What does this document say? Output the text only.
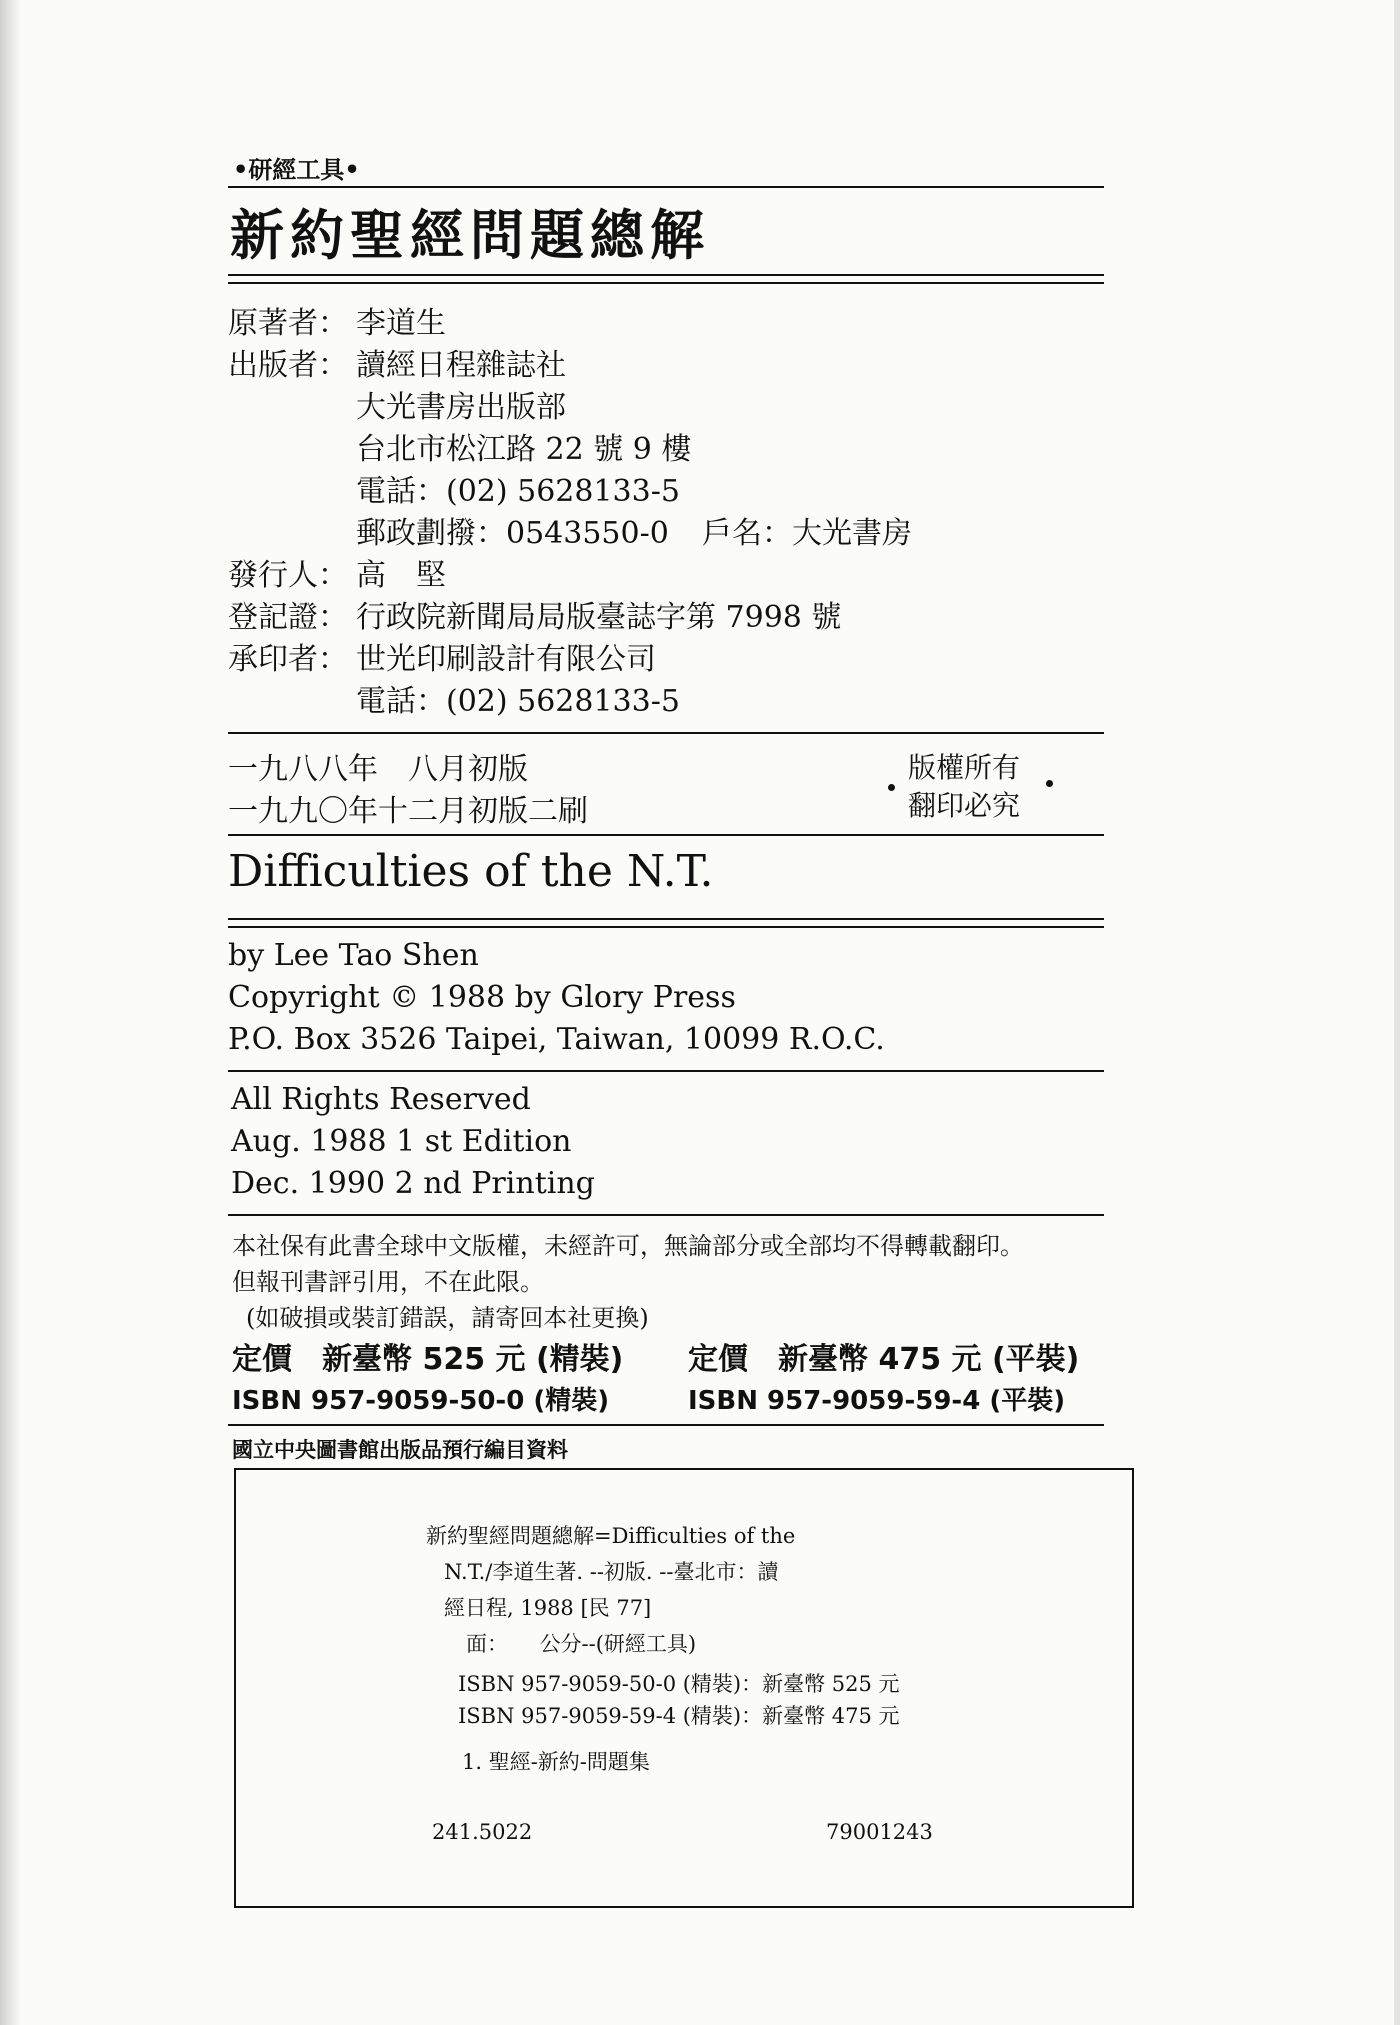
•研經工具•
新約聖經問題總解
原著者： 李道生
出版者： 讀經日程雜誌社
大光書房出版部
台北市松江路 22 號 9 樓
電話：(02) 5628133-5
郵政劃撥：0543550-0 戶名：大光書房
發行人： 高　堅
登記證： 行政院新聞局局版臺誌字第 7998 號
承印者： 世光印刷設計有限公司
電話：(02) 5628133-5
一九八八年　八月初版
一九九〇年十二月初版二刷
版權所有
翻印必究
Difficulties of the N.T.
by Lee Tao Shen
Copyright © 1988 by Glory Press
P.O. Box 3526 Taipei, Taiwan, 10099 R.O.C.
All Rights Reserved
Aug. 1988 1 st Edition
Dec. 1990 2 nd Printing
本社保有此書全球中文版權，未經許可，無論部分或全部均不得轉載翻印。
但報刊書評引用，不在此限。
(如破損或裝訂錯誤，請寄回本社更換)
定價　新臺幣 525 元 (精裝) 定價　新臺幣 475 元 (平裝)
ISBN 957-9059-50-0 (精裝)	ISBN 957-9059-59-4 (平裝)
國立中央圖書館出版品預行編目資料
新約聖經問題總解=Difficulties of the
N.T./李道生著. --初版. --臺北市：讀
經日程, 1988 [民 77]
面：　　公分--(研經工具)
ISBN 957-9059-50-0 (精裝)：新臺幣 525 元
ISBN 957-9059-59-4 (精裝)：新臺幣 475 元
1. 聖經-新約-問題集
241.5022	79001243
